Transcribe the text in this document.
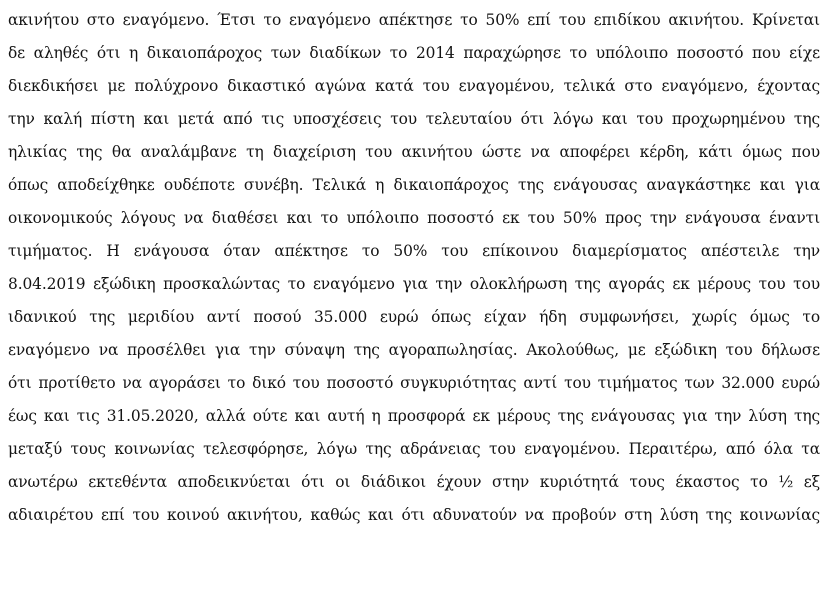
ακινήτου στο εναγόμενο. Έτσι το εναγόμενο απέκτησε το 50% επί του επιδίκου ακινήτου. Κρίνεται
δε αληθές ότι η δικαιοπάροχος των διαδίκων το 2014 παραχώρησε το υπόλοιπο ποσοστό που είχε
διεκδικήσει με πολύχρονο δικαστικό αγώνα κατά του εναγομένου, τελικά στο εναγόμενο, έχοντας
την καλή πίστη και μετά από τις υποσχέσεις του τελευταίου ότι λόγω και του προχωρημένου της
ηλικίας της θα αναλάμβανε τη διαχείριση του ακινήτου ώστε να αποφέρει κέρδη, κάτι όμως που
όπως αποδείχθηκε ουδέποτε συνέβη. Τελικά η δικαιοπάροχος της ενάγουσας αναγκάστηκε και για
οικονομικούς λόγους να διαθέσει και το υπόλοιπο ποσοστό εκ του 50% προς την ενάγουσα έναντι
τιμήματος. Η ενάγουσα όταν απέκτησε το 50% του επίκοινου διαμερίσματος απέστειλε την
8.04.2019 εξώδικη προσκαλώντας το εναγόμενο για την ολοκλήρωση της αγοράς εκ μέρους του του
ιδανικού της μεριδίου αντί ποσού 35.000 ευρώ όπως είχαν ήδη συμφωνήσει, χωρίς όμως το
εναγόμενο να προσέλθει για την σύναψη της αγοραπωλησίας. Ακολούθως, με εξώδικη του δήλωσε
ότι προτίθετο να αγοράσει το δικό του ποσοστό συγκυριότητας αντί του τιμήματος των 32.000 ευρώ
έως και τις 31.05.2020, αλλά ούτε και αυτή η προσφορά εκ μέρους της ενάγουσας για την λύση της
μεταξύ τους κοινωνίας τελεσφόρησε, λόγω της αδράνειας του εναγομένου. Περαιτέρω, από όλα τα
ανωτέρω εκτεθέντα αποδεικνύεται ότι οι διάδικοι έχουν στην κυριότητά τους έκαστος το ½ εξ
αδιαιρέτου επί του κοινού ακινήτου, καθώς και ότι αδυνατούν να προβούν στη λύση της κοινωνίας
